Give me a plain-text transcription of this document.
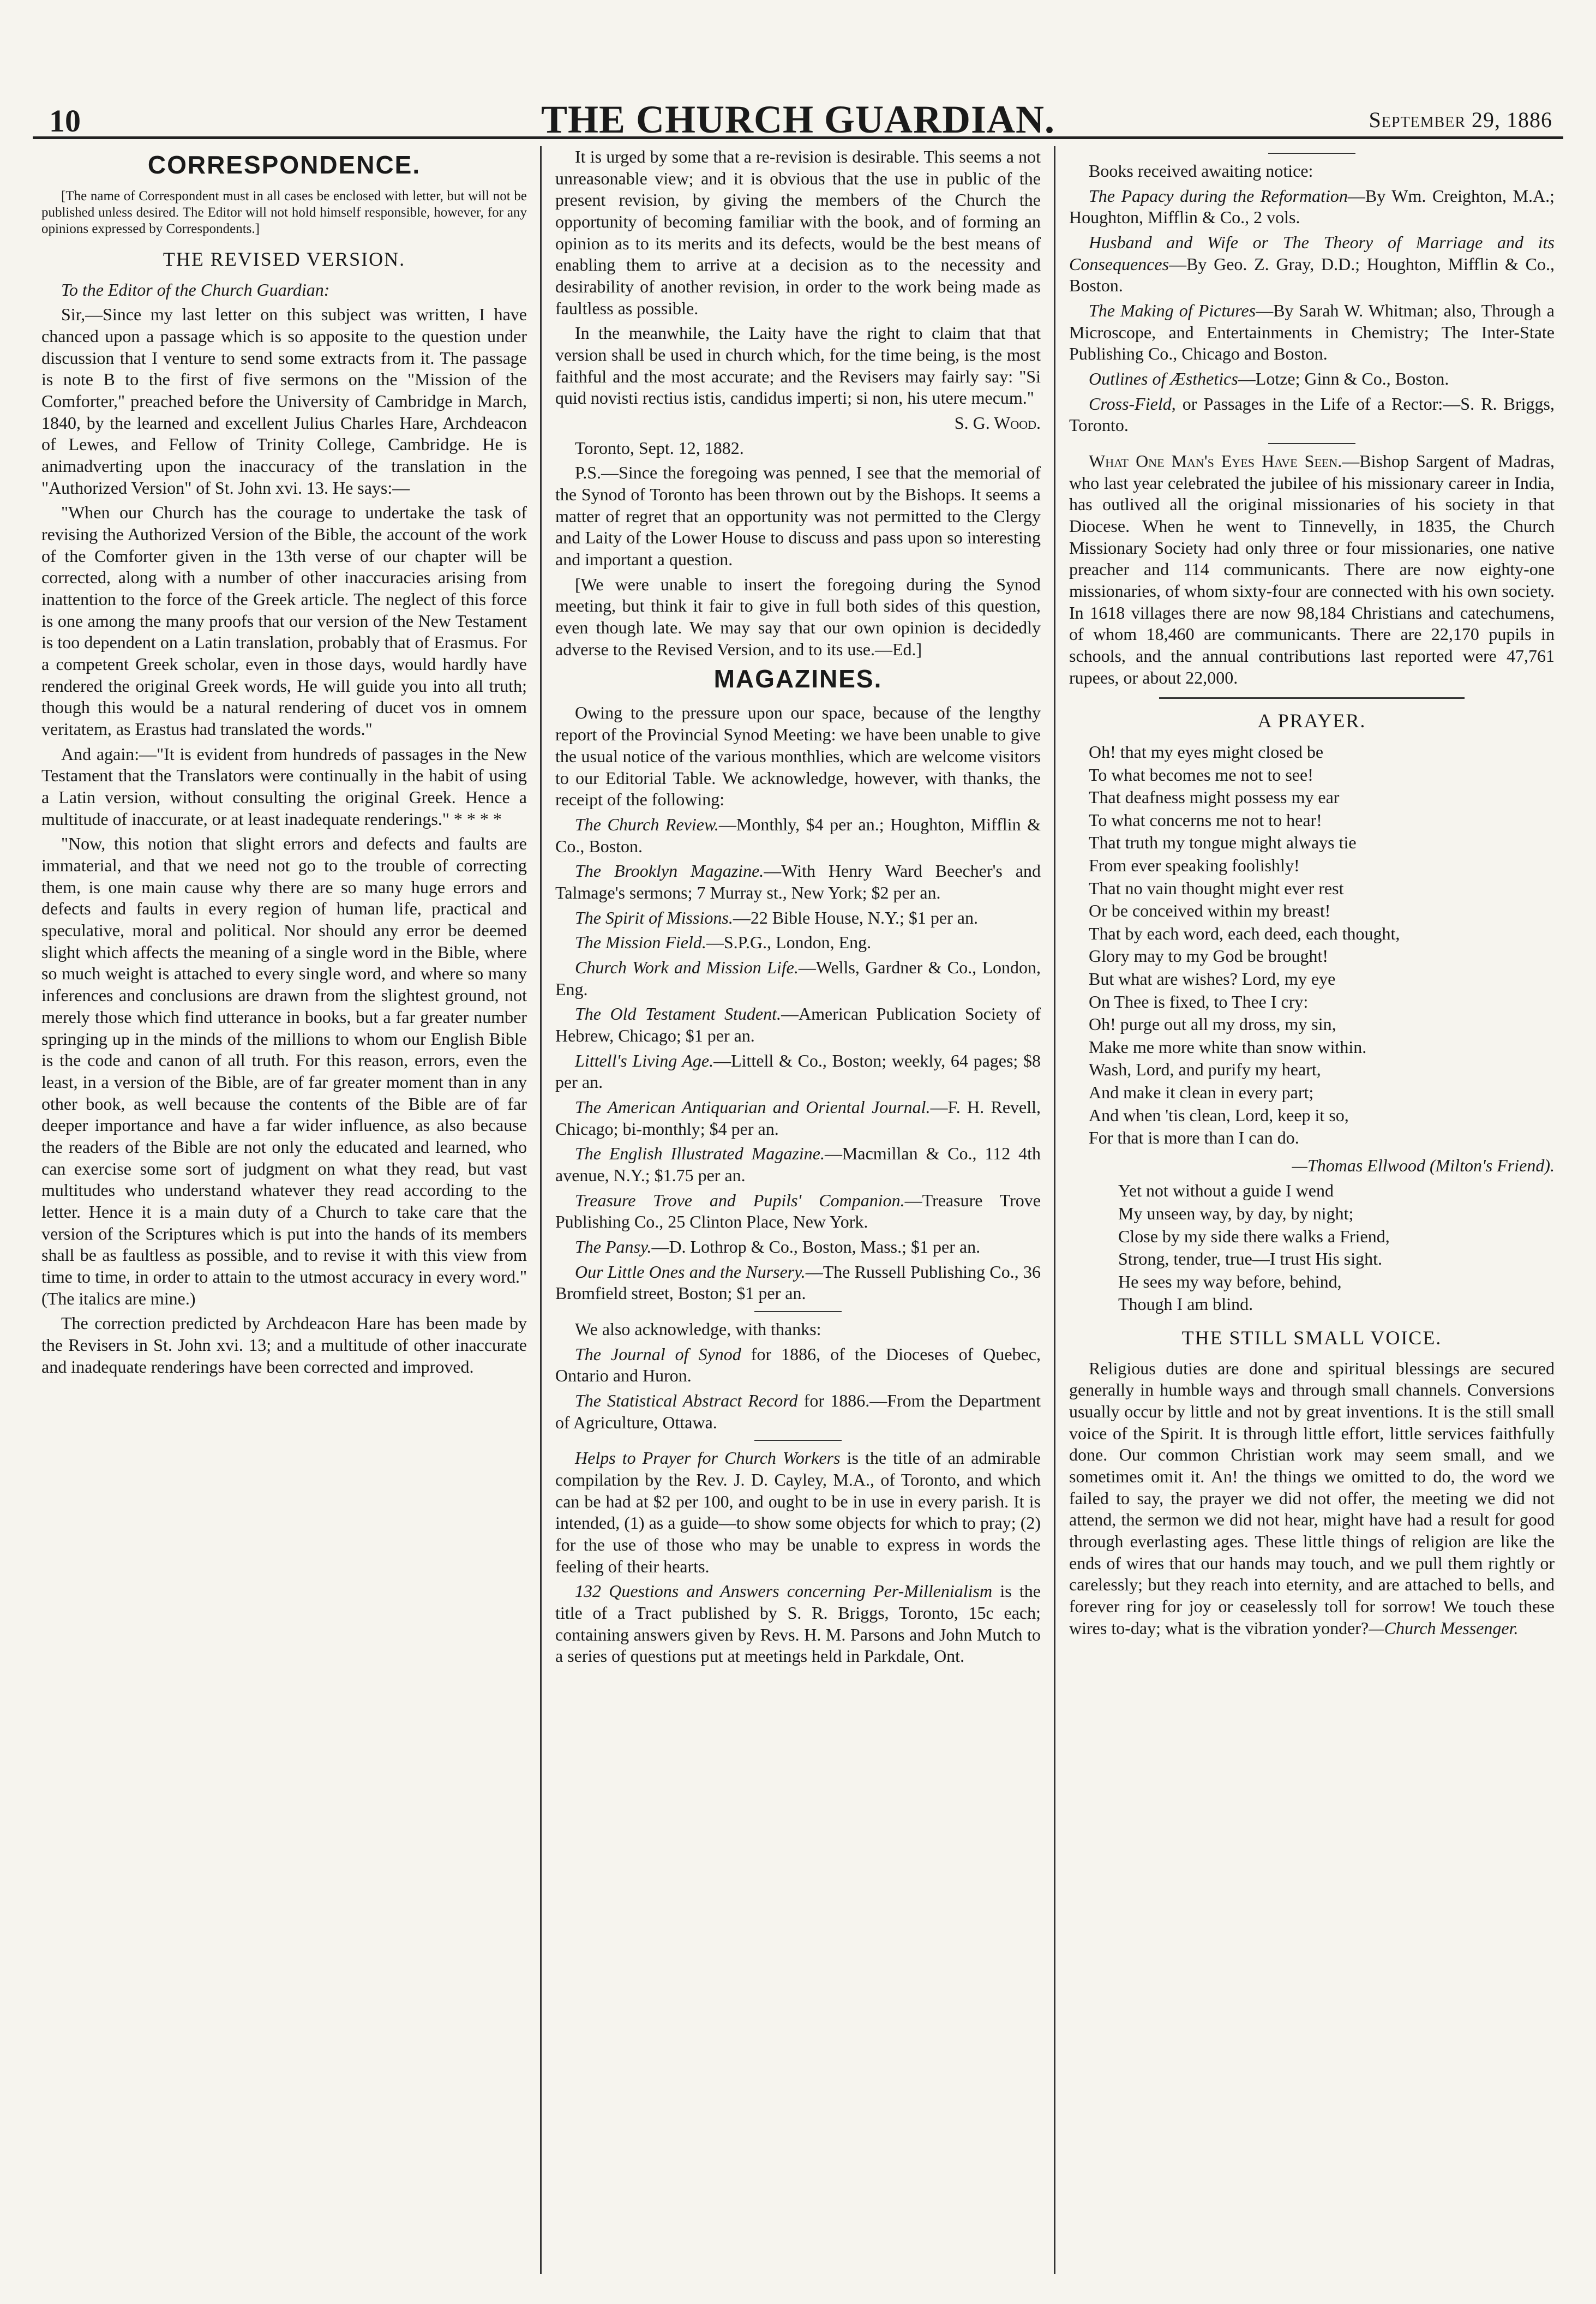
10	THE CHURCH GUARDIAN.	September 29, 1886
CORRESPONDENCE.

[The name of Correspondent must in all cases be enclosed with letter, but will not be published unless desired. The Editor will not hold himself responsible, however, for any opinions expressed by Correspondents.]

THE REVISED VERSION.

To the Editor of the Church Guardian:

Sir,—Since my last letter on this subject was written, I have chanced upon a passage which is so apposite to the question under discussion that I venture to send some extracts from it. The passage is note B to the first of five sermons on the "Mission of the Comforter," preached before the University of Cambridge in March, 1840, by the learned and excellent Julius Charles Hare, Archdeacon of Lewes, and Fellow of Trinity College, Cambridge. He is animadverting upon the inaccuracy of the translation in the "Authorized Version" of St. John xvi. 13. He says:—

"When our Church has the courage to undertake the task of revising the Authorized Version of the Bible, the account of the work of the Comforter given in the 13th verse of our chapter will be corrected, along with a number of other inaccuracies arising from inattention to the force of the Greek article. The neglect of this force is one among the many proofs that our version of the New Testament is too dependent on a Latin translation, probably that of Erasmus. For a competent Greek scholar, even in those days, would hardly have rendered the original Greek words, He will guide you into all truth; though this would be a natural rendering of ducet vos in omnem veritatem, as Erastus had translated the words."

And again:—"It is evident from hundreds of passages in the New Testament that the Translators were continually in the habit of using a Latin version, without consulting the original Greek. Hence a multitude of inaccurate, or at least inadequate renderings." * * * *

"Now, this notion that slight errors and defects and faults are immaterial, and that we need not go to the trouble of correcting them, is one main cause why there are so many huge errors and defects and faults in every region of human life, practical and speculative, moral and political. Nor should any error be deemed slight which affects the meaning of a single word in the Bible, where so much weight is attached to every single word, and where so many inferences and conclusions are drawn from the slightest ground, not merely those which find utterance in books, but a far greater number springing up in the minds of the millions to whom our English Bible is the code and canon of all truth. For this reason, errors, even the least, in a version of the Bible, are of far greater moment than in any other book, as well because the contents of the Bible are of far deeper importance and have a far wider influence, as also because the readers of the Bible are not only the educated and learned, who can exercise some sort of judgment on what they read, but vast multitudes who understand whatever they read according to the letter. Hence it is a main duty of a Church to take care that the version of the Scriptures which is put into the hands of its members shall be as faultless as possible, and to revise it with this view from time to time, in order to attain to the utmost accuracy in every word." (The italics are mine.)

The correction predicted by Archdeacon Hare has been made by the Revisers in St. John xvi. 13; and a multitude of other inaccurate and inadequate renderings have been corrected and improved.

It is urged by some that a re-revision is desirable. This seems a not unreasonable view; and it is obvious that the use in public of the present revision, by giving the members of the Church the opportunity of becoming familiar with the book, and of forming an opinion as to its merits and its defects, would be the best means of enabling them to arrive at a decision as to the necessity and desirability of another revision, in order to the work being made as faultless as possible.

In the meanwhile, the Laity have the right to claim that that version shall be used in church which, for the time being, is the most faithful and the most accurate; and the Revisers may fairly say: "Si quid novisti rectius istis, candidus imperti; si non, his utere mecum."

S. G. Wood.

Toronto, Sept. 12, 1882.

P.S.—Since the foregoing was penned, I see that the memorial of the Synod of Toronto has been thrown out by the Bishops. It seems a matter of regret that an opportunity was not permitted to the Clergy and Laity of the Lower House to discuss and pass upon so interesting and important a question.

[We were unable to insert the foregoing during the Synod meeting, but think it fair to give in full both sides of this question, even though late. We may say that our own opinion is decidedly adverse to the Revised Version, and to its use.—Ed.]

MAGAZINES.

Owing to the pressure upon our space, because of the lengthy report of the Provincial Synod Meeting: we have been unable to give the usual notice of the various monthlies, which are welcome visitors to our Editorial Table. We acknowledge, however, with thanks, the receipt of the following:

The Church Review.—Monthly, $4 per an.; Houghton, Mifflin & Co., Boston.

The Brooklyn Magazine.—With Henry Ward Beecher's and Talmage's sermons; 7 Murray st., New York; $2 per an.

The Spirit of Missions.—22 Bible House, N.Y.; $1 per an.

The Mission Field.—S.P.G., London, Eng.

Church Work and Mission Life.—Wells, Gardner & Co., London, Eng.

The Old Testament Student.—American Publication Society of Hebrew, Chicago; $1 per an.

Littell's Living Age.—Littell & Co., Boston; weekly, 64 pages; $8 per an.

The American Antiquarian and Oriental Journal.—F. H. Revell, Chicago; bi-monthly; $4 per an.

The English Illustrated Magazine.—Macmillan & Co., 112 4th avenue, N.Y.; $1.75 per an.

Treasure Trove and Pupils' Companion.—Treasure Trove Publishing Co., 25 Clinton Place, New York.

The Pansy.—D. Lothrop & Co., Boston, Mass.; $1 per an.

Our Little Ones and the Nursery.—The Russell Publishing Co., 36 Bromfield street, Boston; $1 per an.

We also acknowledge, with thanks:

The Journal of Synod for 1886, of the Dioceses of Quebec, Ontario and Huron.

The Statistical Abstract Record for 1886.—From the Department of Agriculture, Ottawa.

Helps to Prayer for Church Workers is the title of an admirable compilation by the Rev. J. D. Cayley, M.A., of Toronto, and which can be had at $2 per 100, and ought to be in use in every parish. It is intended, (1) as a guide—to show some objects for which to pray; (2) for the use of those who may be unable to express in words the feeling of their hearts.

132 Questions and Answers concerning Per-Millenialism is the title of a Tract published by S. R. Briggs, Toronto, 15c each; containing answers given by Revs. H. M. Parsons and John Mutch to a series of questions put at meetings held in Parkdale, Ont.

Books received awaiting notice:

The Papacy during the Reformation—By Wm. Creighton, M.A.; Houghton, Mifflin & Co., 2 vols.

Husband and Wife or The Theory of Marriage and its Consequences—By Geo. Z. Gray, D.D.; Houghton, Mifflin & Co., Boston.

The Making of Pictures—By Sarah W. Whitman; also, Through a Microscope, and Entertainments in Chemistry; The Inter-State Publishing Co., Chicago and Boston.

Outlines of Æsthetics—Lotze; Ginn & Co., Boston.

Cross-Field, or Passages in the Life of a Rector:—S. R. Briggs, Toronto.

What One Man's Eyes Have Seen.—Bishop Sargent of Madras, who last year celebrated the jubilee of his missionary career in India, has outlived all the original missionaries of his society in that Diocese. When he went to Tinnevelly, in 1835, the Church Missionary Society had only three or four missionaries, one native preacher and 114 communicants. There are now eighty-one missionaries, of whom sixty-four are connected with his own society. In 1618 villages there are now 98,184 Christians and catechumens, of whom 18,460 are communicants. There are 22,170 pupils in schools, and the annual contributions last reported were 47,761 rupees, or about 22,000.

A PRAYER.
Oh! that my eyes might closed be
To what becomes me not to see!
That deafness might possess my ear
To what concerns me not to hear!
That truth my tongue might always tie
From ever speaking foolishly!
That no vain thought might ever rest
Or be conceived within my breast!
That by each word, each deed, each thought,
Glory may to my God be brought!
But what are wishes? Lord, my eye
On Thee is fixed, to Thee I cry:
Oh! purge out all my dross, my sin,
Make me more white than snow within.
Wash, Lord, and purify my heart,
And make it clean in every part;
And when 'tis clean, Lord, keep it so,
For that is more than I can do.

—Thomas Ellwood (Milton's Friend).

Yet not without a guide I wend
My unseen way, by day, by night;
Close by my side there walks a Friend,
Strong, tender, true—I trust His sight.
He sees my way before, behind,
Though I am blind.
THE STILL SMALL VOICE.

Religious duties are done and spiritual blessings are secured generally in humble ways and through small channels. Conversions usually occur by little and not by great inventions. It is the still small voice of the Spirit. It is through little effort, little services faithfully done. Our common Christian work may seem small, and we sometimes omit it. An! the things we omitted to do, the word we failed to say, the prayer we did not offer, the meeting we did not attend, the sermon we did not hear, might have had a result for good through everlasting ages. These little things of religion are like the ends of wires that our hands may touch, and we pull them rightly or carelessly; but they reach into eternity, and are attached to bells, and forever ring for joy or ceaselessly toll for sorrow! We touch these wires to-day; what is the vibration yonder?—Church Messenger.
